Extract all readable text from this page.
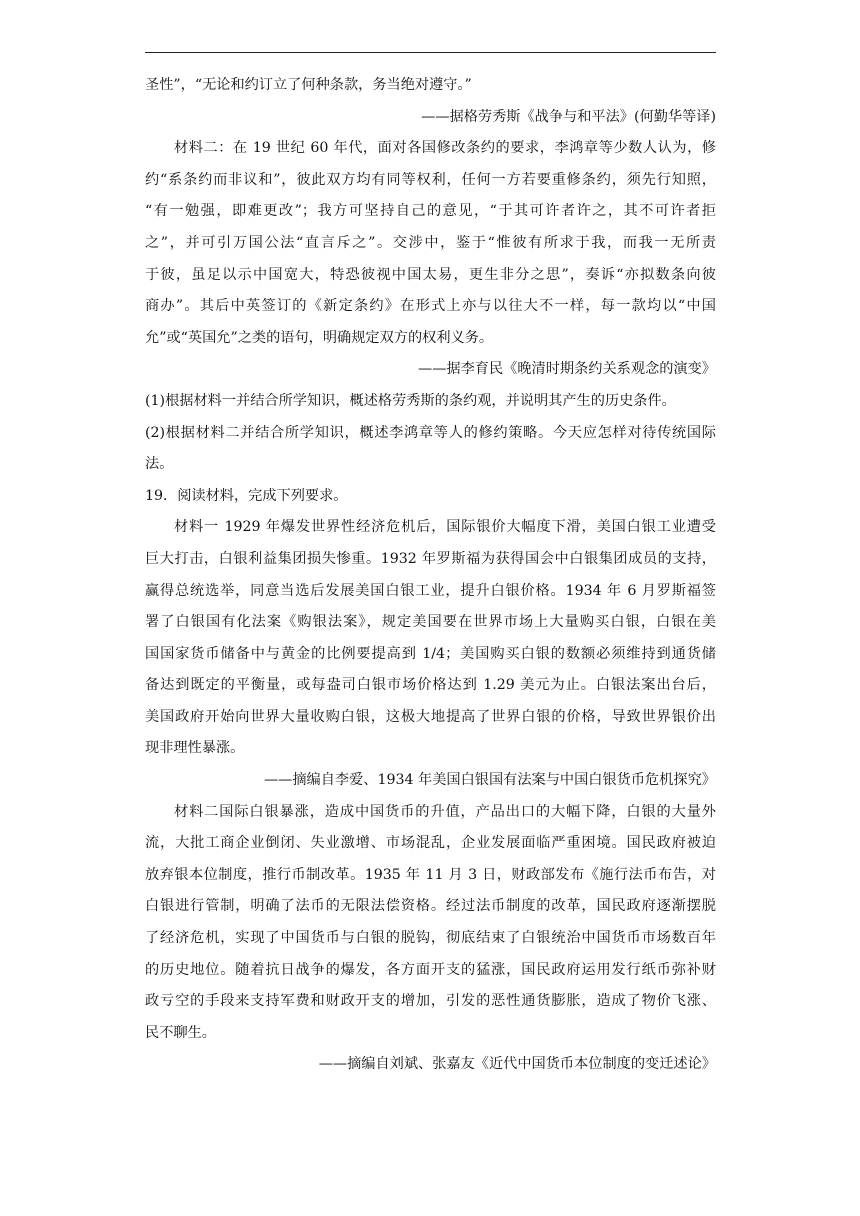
圣性”，“无论和约订立了何种条款，务当绝对遵守。”
——据格劳秀斯《战争与和平法》(何勤华等译)
材料二：在 19 世纪 60 年代，面对各国修改条约的要求，李鸿章等少数人认为，修
约“系条约而非议和”，彼此双方均有同等权利，任何一方若要重修条约，须先行知照，
“有一勉强，即难更改”；我方可坚持自己的意见，“于其可许者许之，其不可许者拒
之”，并可引万国公法“直言斥之”。交涉中，鉴于“惟彼有所求于我，而我一无所责
于彼，虽足以示中国宽大，特恐彼视中国太易，更生非分之思”，奏诉“亦拟数条向彼
商办”。其后中英签订的《新定条约》在形式上亦与以往大不一样，每一款均以“中国
允”或“英国允”之类的语句，明确规定双方的权利义务。
——据李育民《晚清时期条约关系观念的演变》
(1)根据材料一并结合所学知识，概述格劳秀斯的条约观，并说明其产生的历史条件。
(2)根据材料二并结合所学知识，概述李鸿章等人的修约策略。今天应怎样对待传统国际
法。
19．阅读材料，完成下列要求。
材料一 1929 年爆发世界性经济危机后，国际银价大幅度下滑，美国白银工业遭受
巨大打击，白银利益集团损失惨重。1932 年罗斯福为获得国会中白银集团成员的支持，
赢得总统选举，同意当选后发展美国白银工业，提升白银价格。1934 年 6 月罗斯福签
署了白银国有化法案《购银法案》，规定美国要在世界市场上大量购买白银，白银在美
国国家货币储备中与黄金的比例要提高到 1/4；美国购买白银的数额必须维持到通货储
备达到既定的平衡量，或每盎司白银市场价格达到 1.29 美元为止。白银法案出台后，
美国政府开始向世界大量收购白银，这极大地提高了世界白银的价格，导致世界银价出
现非理性暴涨。
——摘编自李爱、1934 年美国白银国有法案与中国白银货币危机探究》
材料二国际白银暴涨，造成中国货币的升值，产品出口的大幅下降，白银的大量外
流，大批工商企业倒闭、失业激增、市场混乱，企业发展面临严重困境。国民政府被迫
放弃银本位制度，推行币制改革。1935 年 11 月 3 日，财政部发布《施行法币布告，对
白银进行管制，明确了法币的无限法偿资格。经过法币制度的改革，国民政府逐渐摆脱
了经济危机，实现了中国货币与白银的脱钩，彻底结束了白银统治中国货币市场数百年
的历史地位。随着抗日战争的爆发，各方面开支的猛涨，国民政府运用发行纸币弥补财
政亏空的手段来支持军费和财政开支的增加，引发的恶性通货膨胀，造成了物价飞涨、
民不聊生。
——摘编自刘斌、张嘉友《近代中国货币本位制度的变迁述论》
